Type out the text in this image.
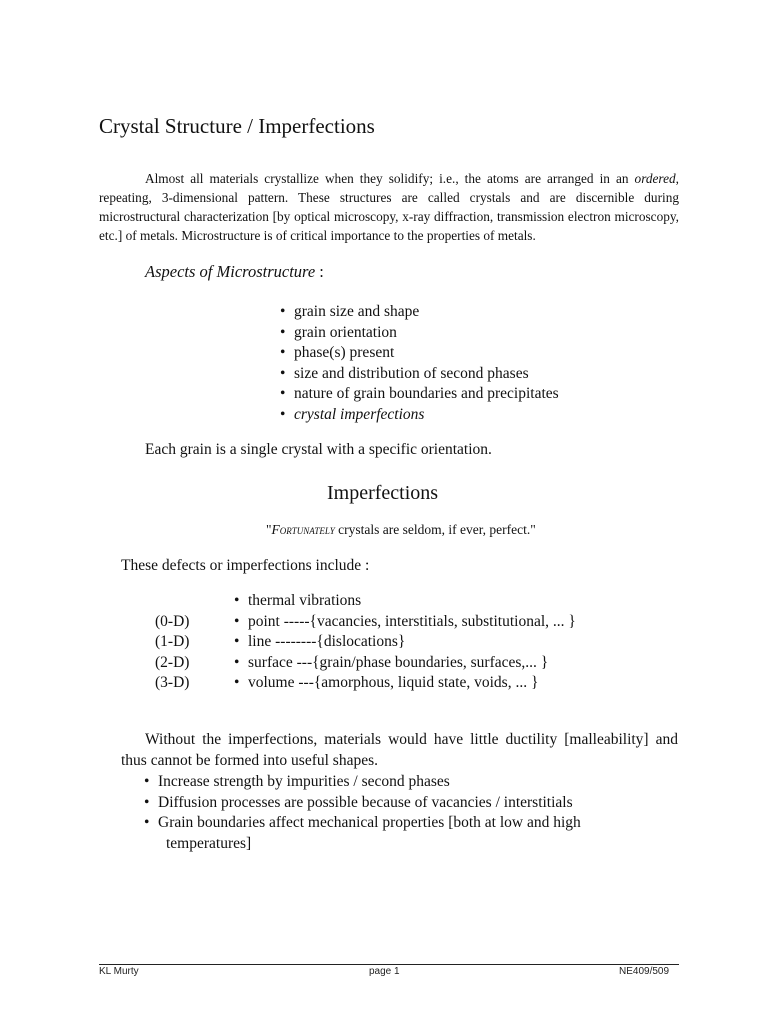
Crystal Structure / Imperfections

Almost all materials crystallize when they solidify; i.e., the atoms are arranged in an ordered, repeating, 3-dimensional pattern. These structures are called crystals and are discernible during microstructural characterization [by optical microscopy, x-ray diffraction, transmission electron microscopy, etc.] of metals. Microstructure is of critical importance to the properties of metals.

Aspects of Microstructure :
• grain size and shape
• grain orientation
• phase(s) present
• size and distribution of second phases
• nature of grain boundaries and precipitates
• crystal imperfections
Each grain is a single crystal with a specific orientation.
Imperfections
"Fortunately crystals are seldom, if ever, perfect."
These defects or imperfections include :
• thermal vibrations
(0-D)	• point -----{vacancies, interstitials, substitutional, ... }
(1-D)	• line --------{dislocations}
(2-D)	• surface ---{grain/phase boundaries, surfaces,... }
(3-D)	• volume ---{amorphous, liquid state, voids, ... }

Without the imperfections, materials would have little ductility [malleability] and thus cannot be formed into useful shapes.

• Increase strength by impurities / second phases
• Diffusion processes are possible because of vacancies / interstitials
• Grain boundaries affect mechanical properties [both at low and high
temperatures]
KL Murty	page 1	NE409/509
